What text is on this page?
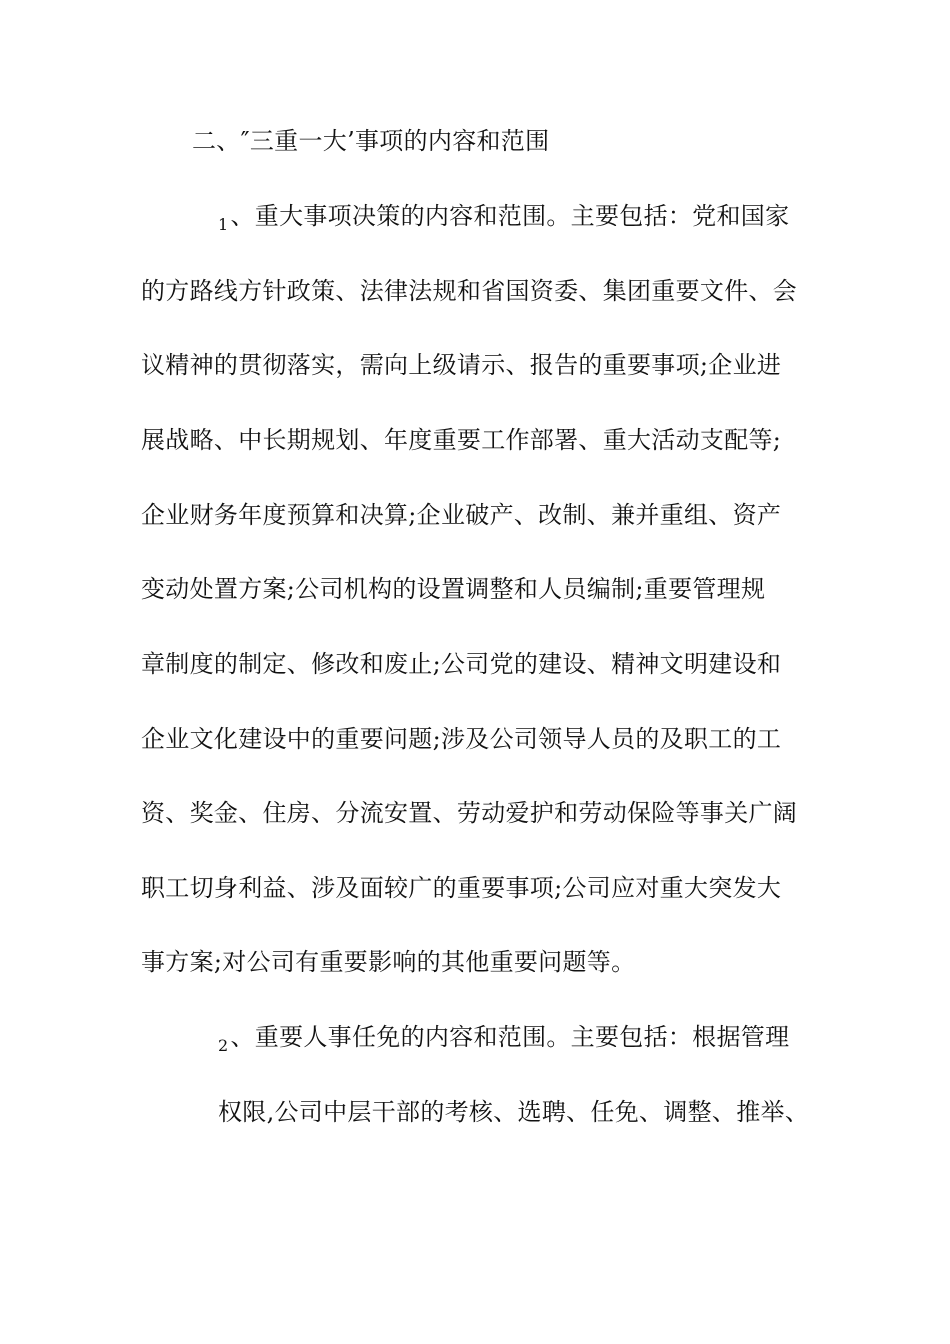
二、″三重一大’事项的内容和范围
$_1$、重大事项决策的内容和范围。主要包括：党和国家
的方路线方针政策、法律法规和省国资委、集团重要文件、会
议精神的贯彻落实，需向上级请示、报告的重要事项;企业进
展战略、中长期规划、年度重要工作部署、重大活动支配等;
企业财务年度预算和决算;企业破产、改制、兼并重组、资产
变动处置方案;公司机构的设置调整和人员编制;重要管理规
章制度的制定、修改和废止;公司党的建设、精神文明建设和
企业文化建设中的重要问题;涉及公司领导人员的及职工的工
资、奖金、住房、分流安置、劳动爱护和劳动保险等事关广阔
职工切身利益、涉及面较广的重要事项;公司应对重大突发大
事方案;对公司有重要影响的其他重要问题等。
$_2$、重要人事任免的内容和范围。主要包括：根据管理
权限,公司中层干部的考核、选聘、任免、调整、推举、
